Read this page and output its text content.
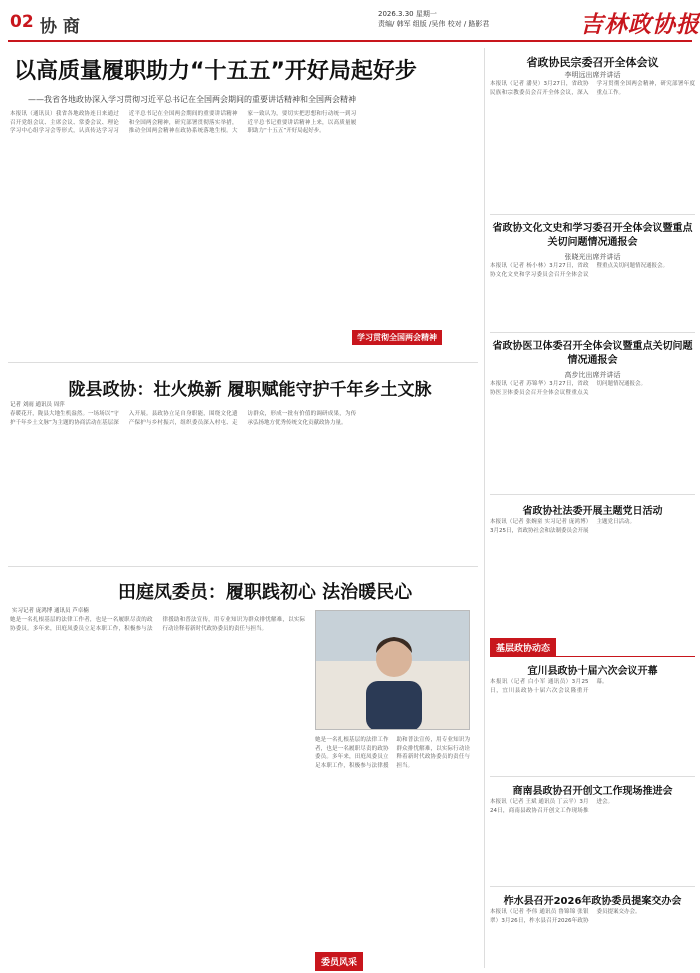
02 协 商
2026.3.30 星期一
责编/ 韩军 组版 /吴伟 校对 / 路影君	吉林政协报
以高质量履职助力“十五五”开好局起好步
——我省各地政协深入学习贯彻习近平总书记在全国两会期间的重要讲话精神和全国两会精神
本报讯（通讯员）我省各地政协连日来通过召开党组会议、主席会议、常委会议、理论学习中心组学习会等形式，认真传达学习习近平总书记在全国两会期间的重要讲话精神和全国两会精神，研究部署贯彻落实举措，推动全国两会精神在政协系统落地生根。大家一致认为，要切实把思想和行动统一到习近平总书记重要讲话精神上来，以高质量履职助力“十五五”开好局起好步。
学习贯彻全国两会精神
陇县政协：壮火焕新 履职赋能守护千年乡土文脉
记者 刘雨 通讯员 周萍
春暖花开，陇县大地生机盎然。一场场以“守护千年乡土文脉”为主题的协商活动在基层深入开展。县政协立足自身职能，围绕文化遗产保护与乡村振兴，组织委员深入村屯、走访群众，形成一批有价值的调研成果，为传承弘扬地方优秀传统文化贡献政协力量。
田庭凤委员：履职践初心 法治暖民心
实习记者 庞鸿博 通讯员 芦卓楠
她是一名扎根基层的法律工作者，也是一名履职尽责的政协委员。多年来，田庭凤委员立足本职工作，积极参与法律援助和普法宣传，用专业知识为群众排忧解难，以实际行动诠释着新时代政协委员的责任与担当。
她是一名扎根基层的法律工作者，也是一名履职尽责的政协委员。多年来，田庭凤委员立足本职工作，积极参与法律援助和普法宣传，用专业知识为群众排忧解难，以实际行动诠释着新时代政协委员的责任与担当。
省政协民宗委召开全体会议
李明远出席并讲话
本报讯（记者 潘昊）3月27日，省政协民族和宗教委员会召开全体会议，深入学习贯彻全国两会精神，研究部署年度重点工作。
省政协文化文史和学习委召开全体会议暨重点关切问题情况通报会
张晓光出席并讲话
本报讯（记者 杨小林）3月27日，省政协文化文史和学习委员会召开全体会议暨重点关切问题情况通报会。
省政协医卫体委召开全体会议暨重点关切问题情况通报会
高步比出席并讲话
本报讯（记者 苏锦华）3月27日，省政协医卫体委员会召开全体会议暨重点关切问题情况通报会。
省政协社法委开展主题党日活动
本报讯（记者 张婉童 实习记者 庞鸿博）3月25日，省政协社会和法制委员会开展主题党日活动。
基层政协动态
宜川县政协十届六次会议开幕
本报讯（记者 白小军 通讯员）3月25日，宜川县政协十届六次会议隆重开幕。
商南县政协召开创文工作现场推进会
本报讯（记者 王斌 通讯员 丁云平）3月24日，商南县政协召开创文工作现场推进会。
柞水县召开2026年政协委员提案交办会
本报讯（记者 李伟 通讯员 鲁锦锦 张银翠）3月26日，柞水县召开2026年政协委员提案交办会。
委员风采
